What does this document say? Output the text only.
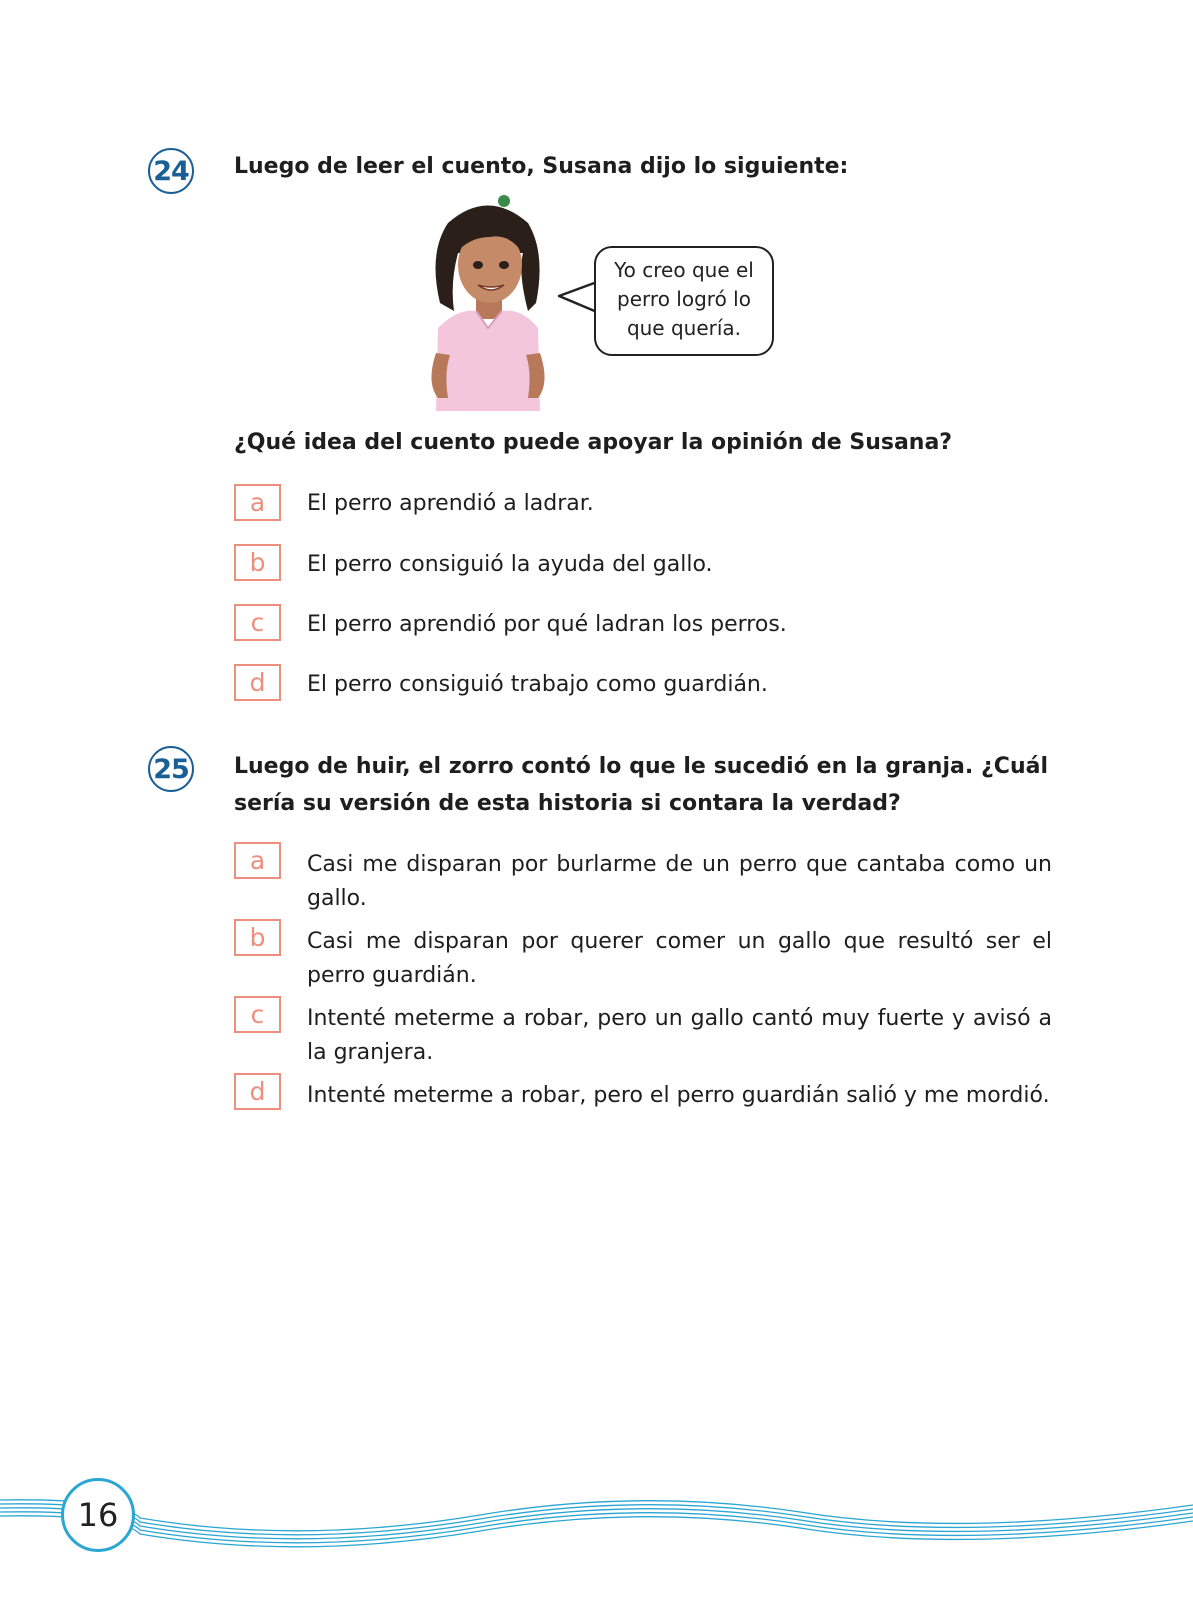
24 Luego de leer el cuento, Susana dijo lo siguiente:
Yo creo que el
perro logró lo
que quería.
¿Qué idea del cuento puede apoyar la opinión de Susana?
a	El perro aprendió a ladrar.
b	El perro consiguió la ayuda del gallo.
c	El perro aprendió por qué ladran los perros.
d	El perro consiguió trabajo como guardián.
25 Luego de huir, el zorro contó lo que le sucedió en la granja. ¿Cuál sería su versión de esta historia si contara la verdad?
a	Casi me disparan por burlarme de un perro que cantaba como un gallo.
b	Casi me disparan por querer comer un gallo que resultó ser el perro guardián.
c	Intenté meterme a robar, pero un gallo cantó muy fuerte y avisó a la granjera.
d	Intenté meterme a robar, pero el perro guardián salió y me mordió.
16
